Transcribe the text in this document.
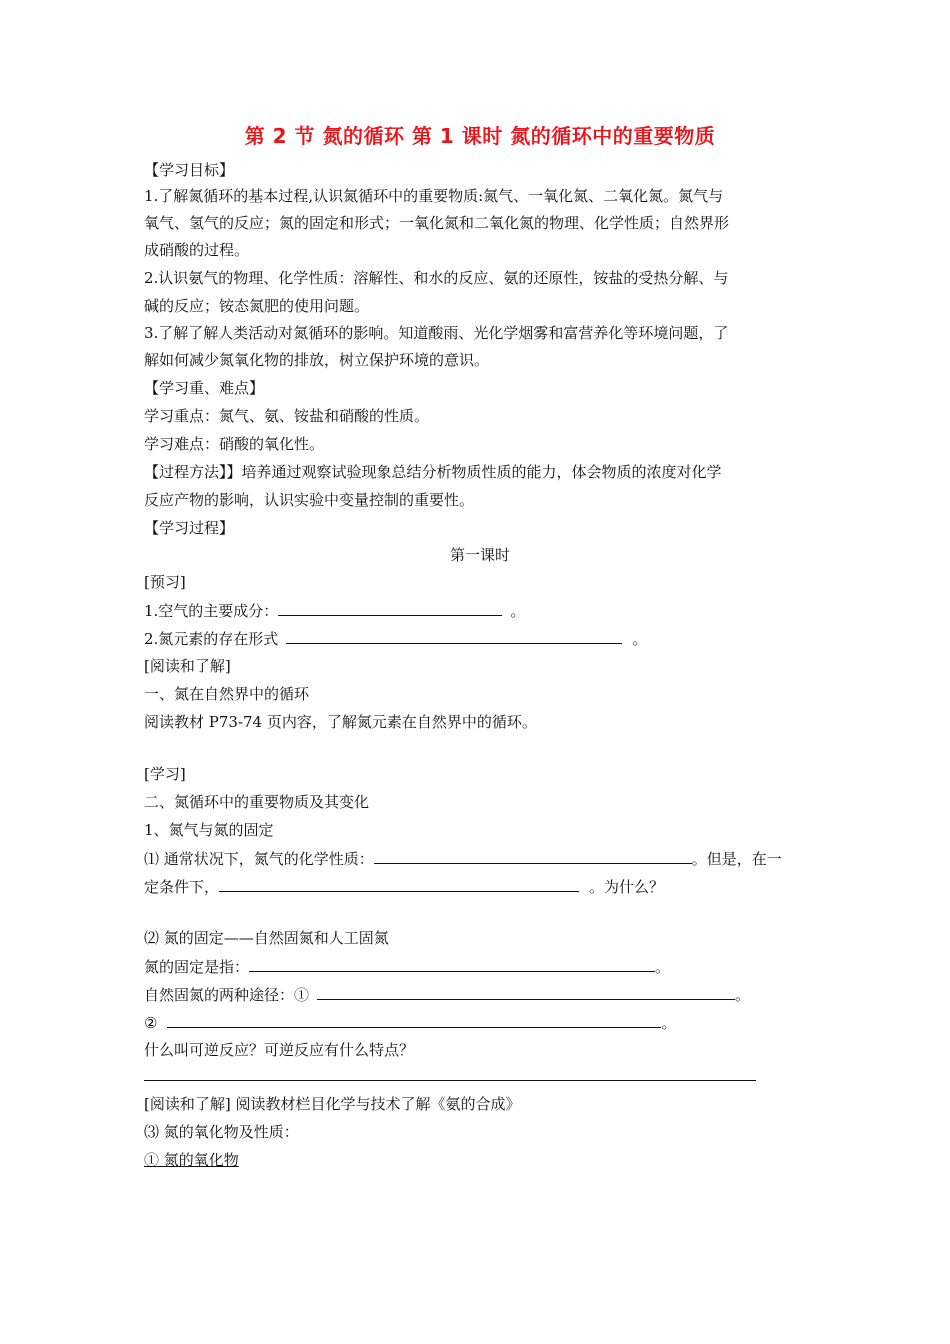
第 2 节 氮的循环 第 1 课时 氮的循环中的重要物质
【学习目标】
1.了解氮循环的基本过程,认识氮循环中的重要物质:氮气、一氧化氮、二氧化氮。氮气与
氧气、氢气的反应；氮的固定和形式；一氧化氮和二氧化氮的物理、化学性质；自然界形
成硝酸的过程。
2.认识氨气的物理、化学性质：溶解性、和水的反应、氨的还原性，铵盐的受热分解、与
碱的反应；铵态氮肥的使用问题。
3.了解了解人类活动对氮循环的影响。知道酸雨、光化学烟雾和富营养化等环境问题，了
解如何减少氮氧化物的排放，树立保护环境的意识。
【学习重、难点】
学习重点：氮气、氨、铵盐和硝酸的性质。
学习难点：硝酸的氧化性。
【过程方法】】培养通过观察试验现象总结分析物质性质的能力，体会物质的浓度对化学
反应产物的影响，认识实验中变量控制的重要性。
【学习过程】
第一课时
[预习]
1.空气的主要成分：	。
2.氮元素的存在形式	。
[阅读和了解]
一、氮在自然界中的循环
阅读教材 P73-74 页内容，了解氮元素在自然界中的循环。
[学习]
二、氮循环中的重要物质及其变化
1、氮气与氮的固定
⑴ 通常状况下，氮气的化学性质：	。但是，在一
定条件下，	。为什么？
⑵ 氮的固定——自然固氮和人工固氮
氮的固定是指：	。
自然固氮的两种途径：①	。
②	。
什么叫可逆反应？可逆反应有什么特点？
[阅读和了解] 阅读教材栏目化学与技术了解《氨的合成》
⑶ 氮的氧化物及性质：
① 氮的氧化物
